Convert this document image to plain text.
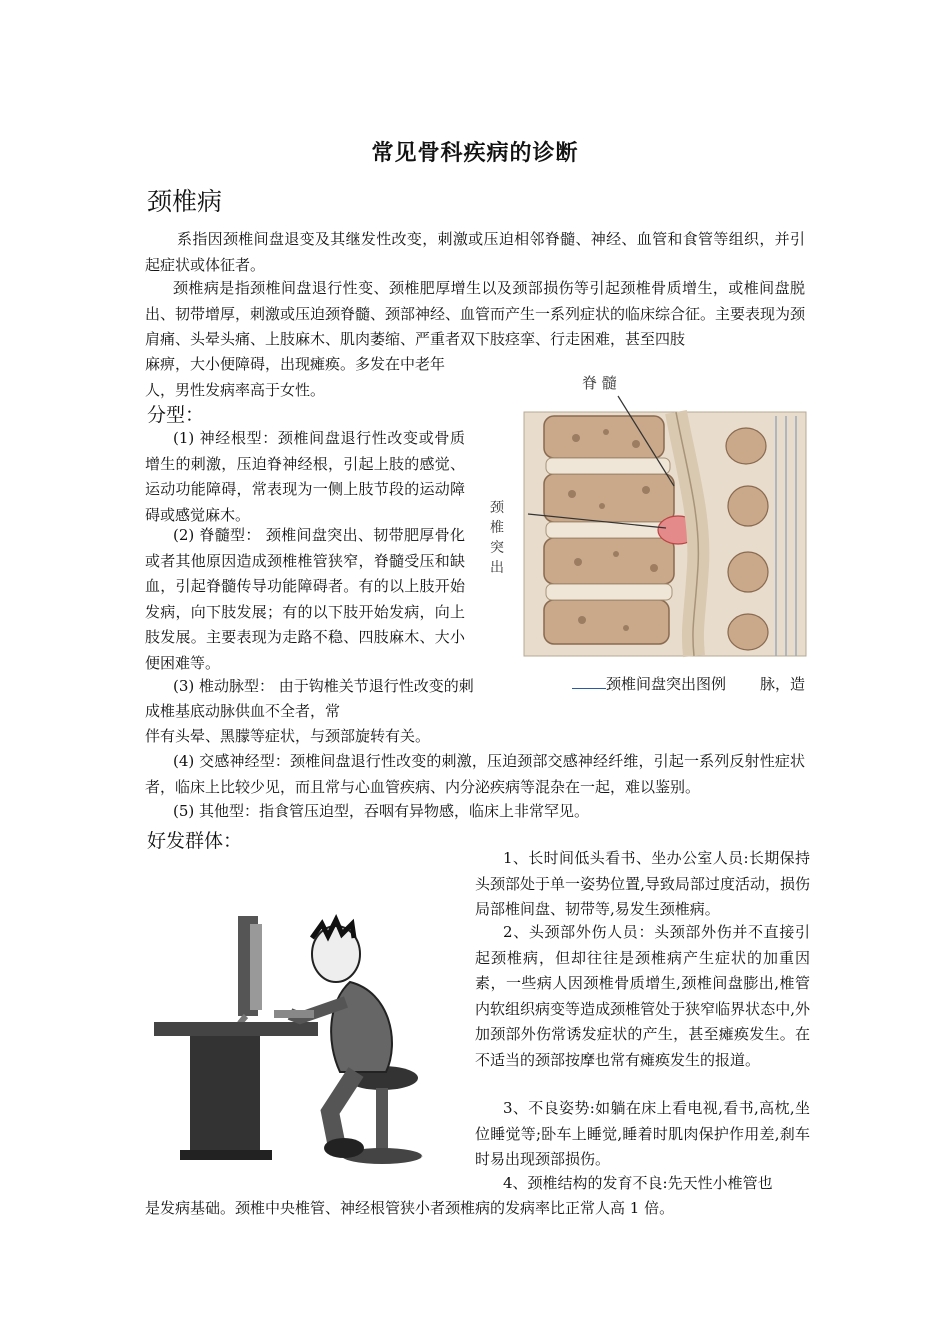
常见骨科疾病的诊断
颈椎病
系指因颈椎间盘退变及其继发性改变，刺激或压迫相邻脊髓、神经、血管和食管等组织，并引起症状或体征者。
颈椎病是指颈椎间盘退行性变、颈椎肥厚增生以及颈部损伤等引起颈椎骨质增生，或椎间盘脱出、韧带增厚，刺激或压迫颈脊髓、颈部神经、血管而产生一系列症状的临床综合征。主要表现为颈肩痛、头晕头痛、上肢麻木、肌肉萎缩、严重者双下肢痉挛、行走困难，甚至四肢
麻痹，大小便障碍，出现瘫痪。多发在中老年
人，男性发病率高于女性。
分型：
(1) 神经根型：颈椎间盘退行性改变或骨质增生的刺激，压迫脊神经根，引起上肢的感觉、运动功能障碍，常表现为一侧上肢节段的运动障碍或感觉麻木。
(2) 脊髓型： 颈椎间盘突出、韧带肥厚骨化或者其他原因造成颈椎椎管狭窄，脊髓受压和缺血，引起脊髓传导功能障碍者。有的以上肢开始发病，向下肢发展；有的以下肢开始发病，向上肢发展。主要表现为走路不稳、四肢麻木、大小便困难等。
(3) 椎动脉型： 由于钩椎关节退行性改变的刺
成椎基底动脉供血不全者，常
伴有头晕、黑朦等症状，与颈部旋转有关。
(4) 交感神经型：颈椎间盘退行性改变的刺激，压迫颈部交感神经纤维，引起一系列反射性症状者，临床上比较少见，而且常与心血管疾病、内分泌疾病等混杂在一起，难以鉴别。
(5) 其他型：指食管压迫型，吞咽有异物感，临床上非常罕见。
脊 髓
颈
椎
突
出
颈椎间盘突出图例 脉，造
好发群体：
·
1、长时间低头看书、坐办公室人员:长期保持头颈部处于单一姿势位置,导致局部过度活动，损伤局部椎间盘、韧带等,易发生颈椎病。
2、头颈部外伤人员：头颈部外伤并不直接引起颈椎病，但却往往是颈椎病产生症状的加重因素，一些病人因颈椎骨质增生,颈椎间盘膨出,椎管内软组织病变等造成颈椎管处于狭窄临界状态中,外加颈部外伤常诱发症状的产生，甚至瘫痪发生。在不适当的颈部按摩也常有瘫痪发生的报道。
3、不良姿势:如躺在床上看电视,看书,高枕,坐位睡觉等;卧车上睡觉,睡着时肌肉保护作用差,刹车时易出现颈部损伤。
4、颈椎结构的发育不良:先天性小椎管也
是发病基础。颈椎中央椎管、神经根管狭小者颈椎病的发病率比正常人高 1 倍。
